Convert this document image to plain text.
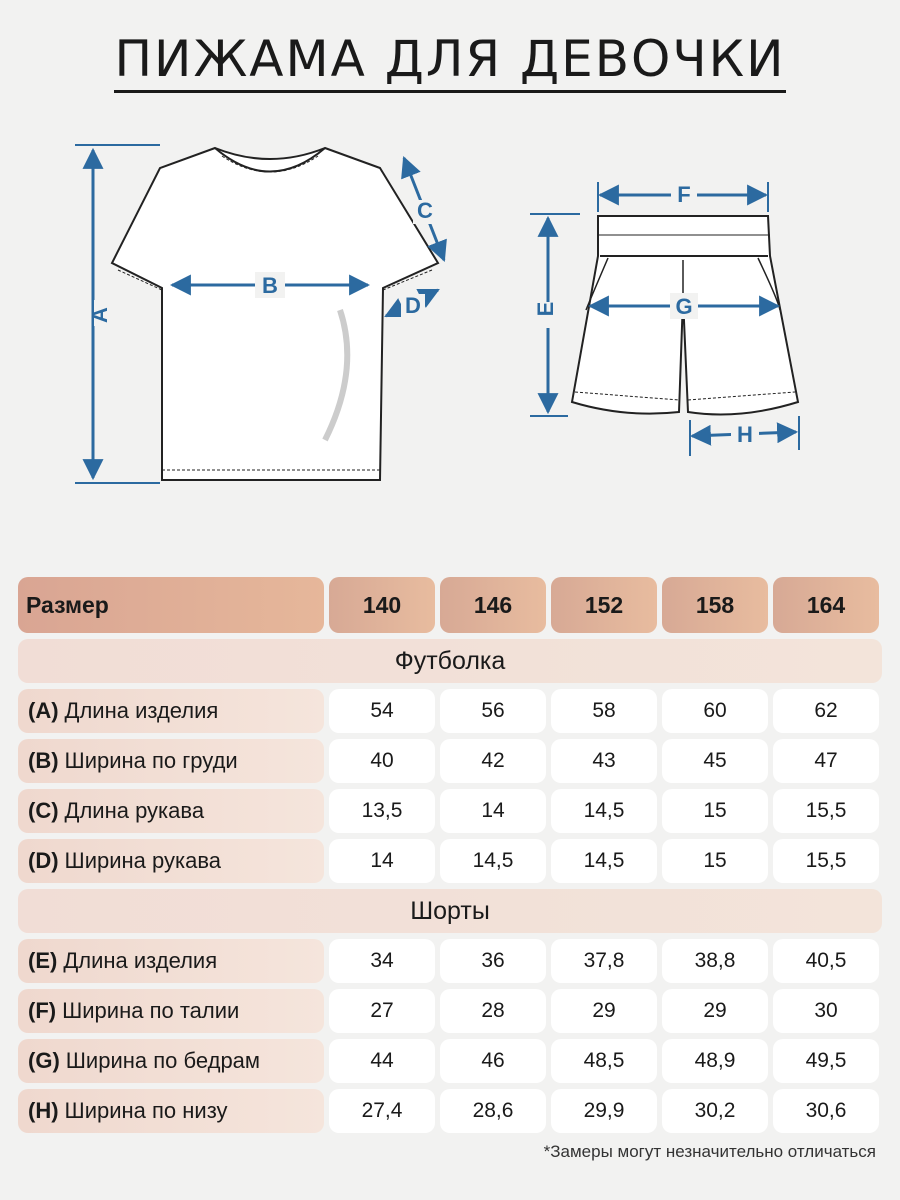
ПИЖАМА ДЛЯ ДЕВОЧКИ
A
B
C
D
F
E	G
H
Размер	140	146	152	158	164
Футболка
(A) Длина изделия	54	56	58	60	62
(B) Ширина по груди	40	42	43	45	47
(C) Длина рукава	13,5	14	14,5	15	15,5
(D) Ширина рукава	14	14,5	14,5	15	15,5
Шорты
(E) Длина изделия	34	36	37,8	38,8	40,5
(F) Ширина по талии	27	28	29	29	30
(G) Ширина по бедрам	44	46	48,5	48,9	49,5
(H) Ширина по низу	27,4	28,6	29,9	30,2	30,6
*Замеры могут незначительно отличаться
